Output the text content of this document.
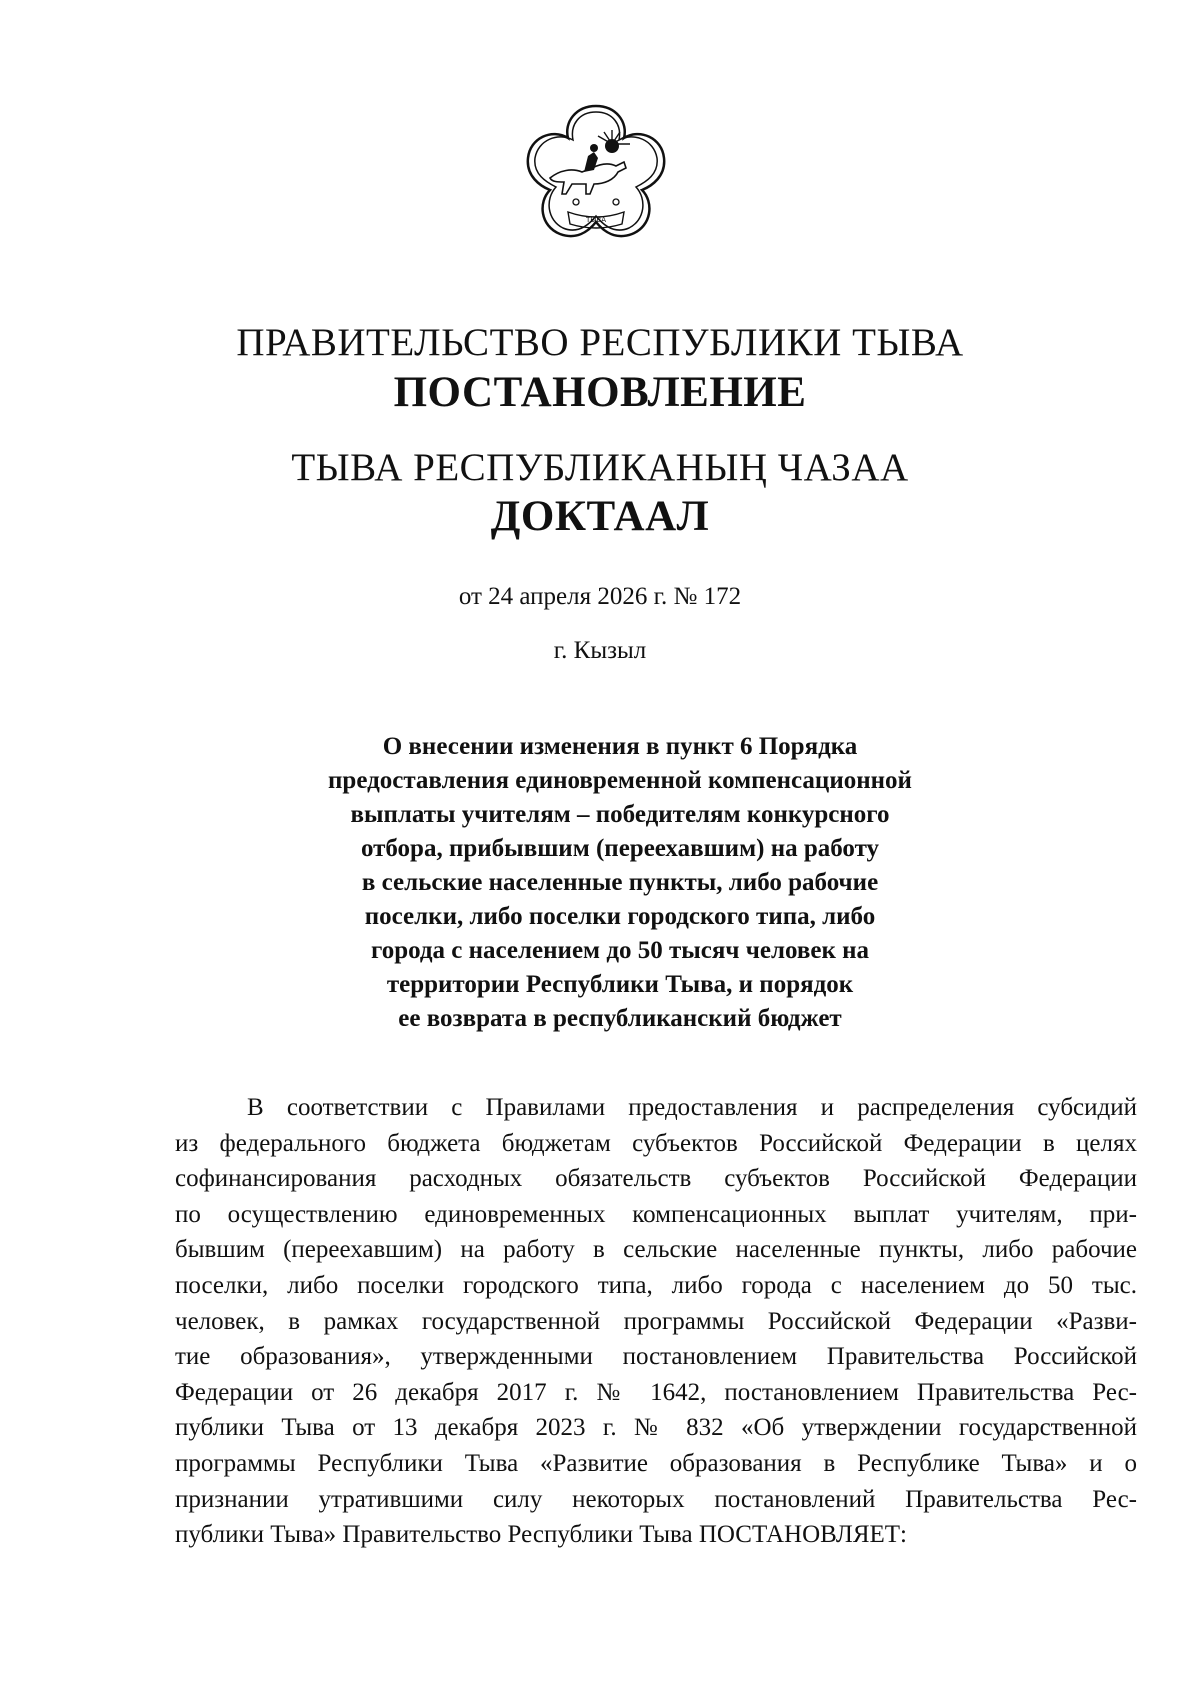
ТЫВА
ПРАВИТЕЛЬСТВО РЕСПУБЛИКИ ТЫВА
ПОСТАНОВЛЕНИЕ
ТЫВА РЕСПУБЛИКАНЫҢ ЧАЗАА
ДОКТААЛ
от 24 апреля 2026 г. № 172
г. Кызыл
О внесении изменения в пункт 6 Порядка
предоставления единовременной компенсационной
выплаты учителям – победителям конкурсного
отбора, прибывшим (переехавшим) на работу
в сельские населенные пункты, либо рабочие
поселки, либо поселки городского типа, либо
города с населением до 50 тысяч человек на
территории Республики Тыва, и порядок
ее возврата в республиканский бюджет
В соответствии с Правилами предоставления и распределения субсидий
из федерального бюджета бюджетам субъектов Российской Федерации в целях
софинансирования расходных обязательств субъектов Российской Федерации
по осуществлению единовременных компенсационных выплат учителям, при-
бывшим (переехавшим) на работу в сельские населенные пункты, либо рабочие
поселки, либо поселки городского типа, либо города с населением до 50 тыс.
человек, в рамках государственной программы Российской Федерации «Разви-
тие образования», утвержденными постановлением Правительства Российской
Федерации от 26 декабря 2017 г. № 1642, постановлением Правительства Рес-
публики Тыва от 13 декабря 2023 г. № 832 «Об утверждении государственной
программы Республики Тыва «Развитие образования в Республике Тыва» и о
признании утратившими силу некоторых постановлений Правительства Рес-
публики Тыва» Правительство Республики Тыва ПОСТАНОВЛЯЕТ:
